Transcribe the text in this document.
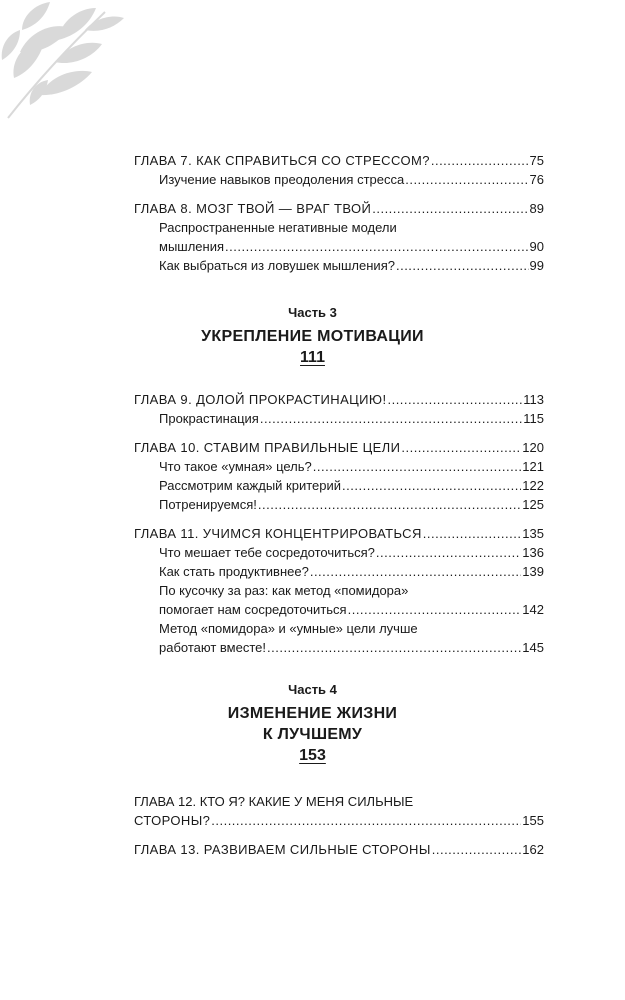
ГЛАВА 7. КАК СПРАВИТЬСЯ СО СТРЕССОМ? .....	75
Изучение навыков преодоления стресса .....	76
ГЛАВА 8. МОЗГ ТВОЙ — ВРАГ ТВОЙ .....	89
Распространенные негативные модели
мышления .....	90
Как выбраться из ловушек мышления? .....	99
Часть 3
УКРЕПЛЕНИЕ МОТИВАЦИИ
111
ГЛАВА 9. ДОЛОЙ ПРОКРАСТИНАЦИЮ! .....	113
Прокрастинация .....	115
ГЛАВА 10. СТАВИМ ПРАВИЛЬНЫЕ ЦЕЛИ .....	120
Что такое «умная» цель? .....	121
Рассмотрим каждый критерий .....	122
Потренируемся! .....	125
ГЛАВА 11. УЧИМСЯ КОНЦЕНТРИРОВАТЬСЯ .....	135
Что мешает тебе сосредоточиться? .....	136
Как стать продуктивнее? .....	139
По кусочку за раз: как метод «помидора»
помогает нам сосредоточиться .....	142
Метод «помидора» и «умные» цели лучше
работают вместе! .....	145
Часть 4
ИЗМЕНЕНИЕ ЖИЗНИ
К ЛУЧШЕМУ
153
ГЛАВА 12. КТО Я? КАКИЕ У МЕНЯ СИЛЬНЫЕ
СТОРОНЫ? .....	155
ГЛАВА 13. РАЗВИВАЕМ СИЛЬНЫЕ СТОРОНЫ .....	162
